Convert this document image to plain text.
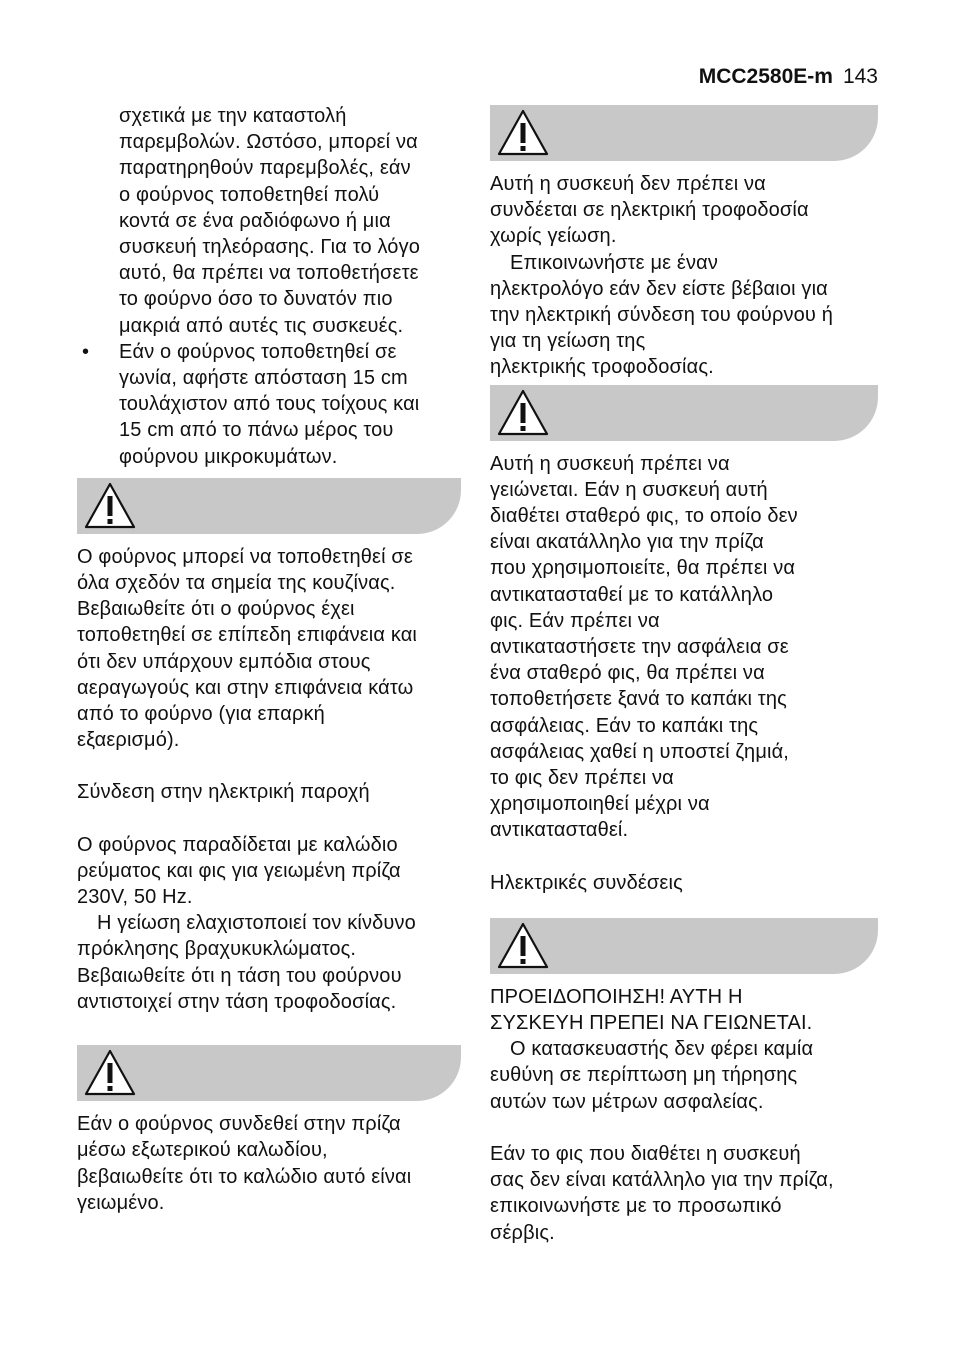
MCC2580E-m 143
σχετικά με την καταστολή
παρεμβολών. Ωστόσο, μπορεί να
παρατηρηθούν παρεμβολές, εάν
ο φούρνος τοποθετηθεί πολύ
κοντά σε ένα ραδιόφωνο ή μια
συσκευή τηλεόρασης. Για το λόγο
αυτό, θα πρέπει να τοποθετήσετε
το φούρνο όσο το δυνατόν πιο
μακριά από αυτές τις συσκευές.
• Εάν ο φούρνος τοποθετηθεί σε
γωνία, αφήστε απόσταση 15 cm
τουλάχιστον από τους τοίχους και
15 cm από το πάνω μέρος του
φούρνου μικροκυμάτων.
Ο φούρνος μπορεί να τοποθετηθεί σε
όλα σχεδόν τα σημεία της κουζίνας.
Βεβαιωθείτε ότι ο φούρνος έχει
τοποθετηθεί σε επίπεδη επιφάνεια και
ότι δεν υπάρχουν εμπόδια στους
αεραγωγούς και στην επιφάνεια κάτω
από το φούρνο (για επαρκή
εξαερισμό).
Σύνδεση στην ηλεκτρική παροχή
Ο φούρνος παραδίδεται με καλώδιο
ρεύματος και φις για γειωμένη πρίζα
230V, 50 Hz.
Η γείωση ελαχιστοποιεί τον κίνδυνο
πρόκλησης βραχυκυκλώματος.
Βεβαιωθείτε ότι η τάση του φούρνου
αντιστοιχεί στην τάση τροφοδοσίας.
Εάν ο φούρνος συνδεθεί στην πρίζα
μέσω εξωτερικού καλωδίου,
βεβαιωθείτε ότι το καλώδιο αυτό είναι
γειωμένο.
Αυτή η συσκευή δεν πρέπει να
συνδέεται σε ηλεκτρική τροφοδοσία
χωρίς γείωση.
Επικοινωνήστε με έναν
ηλεκτρολόγο εάν δεν είστε βέβαιοι για
την ηλεκτρική σύνδεση του φούρνου ή
για τη γείωση της
ηλεκτρικής τροφοδοσίας.
Αυτή η συσκευή πρέπει να
γειώνεται. Εάν η συσκευή αυτή
διαθέτει σταθερό φις, το οποίο δεν
είναι ακατάλληλο για την πρίζα
που χρησιμοποιείτε, θα πρέπει να
αντικατασταθεί με το κατάλληλο
φις. Εάν πρέπει να
αντικαταστήσετε την ασφάλεια σε
ένα σταθερό φις, θα πρέπει να
τοποθετήσετε ξανά το καπάκι της
ασφάλειας. Εάν το καπάκι της
ασφάλειας χαθεί η υποστεί ζημιά,
το φις δεν πρέπει να
χρησιμοποιηθεί μέχρι να
αντικατασταθεί.
Ηλεκτρικές συνδέσεις
ΠΡΟΕΙΔΟΠΟΙΗΣΗ! ΑΥΤΗ Η
ΣΥΣΚΕΥΗ ΠΡΕΠΕΙ ΝΑ ΓΕΙΩΝΕΤΑΙ.
Ο κατασκευαστής δεν φέρει καμία
ευθύνη σε περίπτωση μη τήρησης
αυτών των μέτρων ασφαλείας.
Εάν το φις που διαθέτει η συσκευή
σας δεν είναι κατάλληλο για την πρίζα,
επικοινωνήστε με το προσωπικό
σέρβις.
